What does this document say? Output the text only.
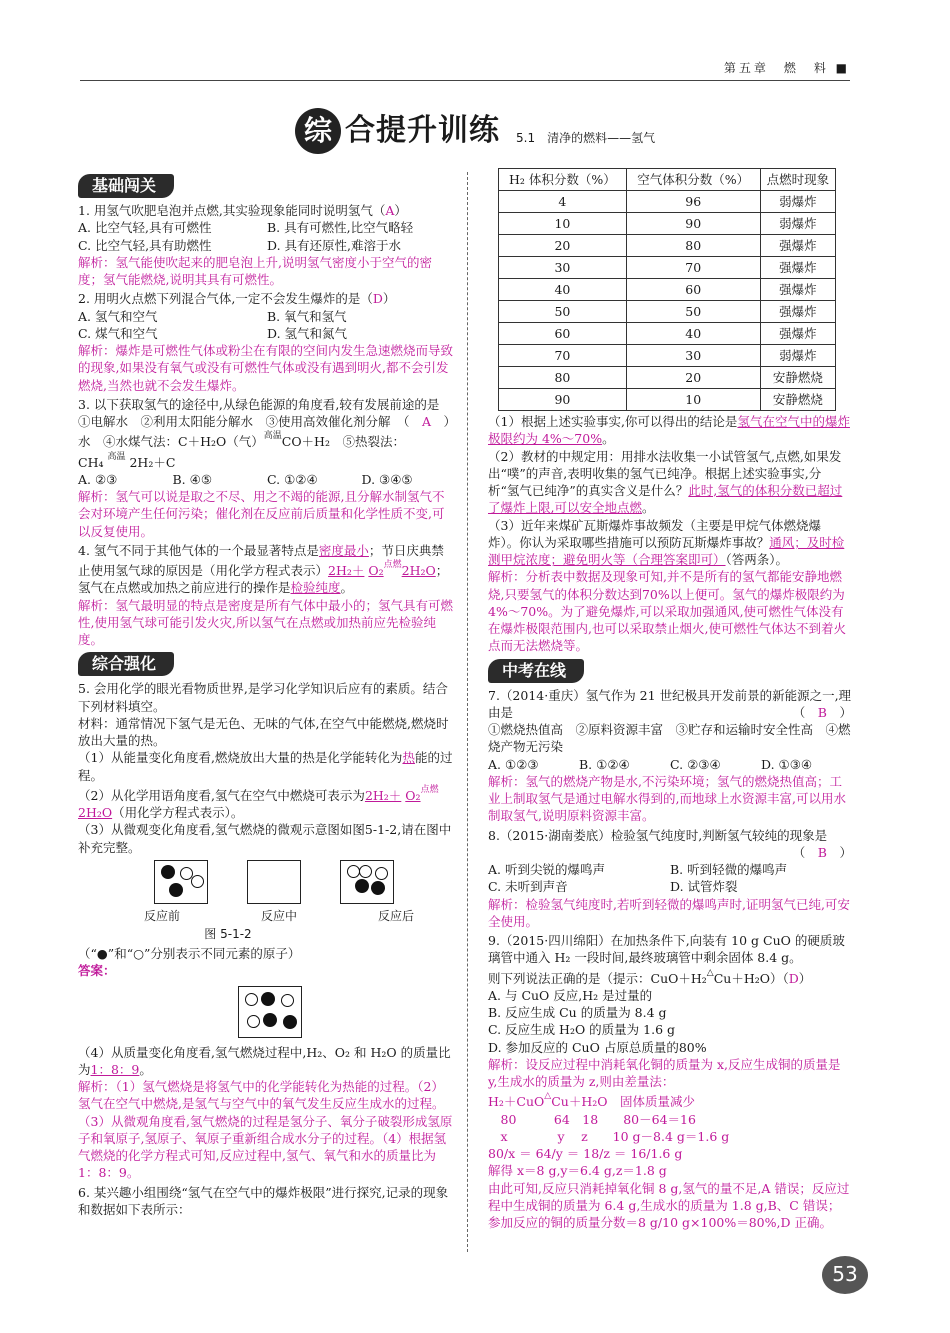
第五章　燃　料 ■
综 合提升训练 5.1　清净的燃料——氢气
基础闯关
1. 用氢气吹肥皂泡并点燃,其实验现象能同时说明氢气（A）
A. 比空气轻,具有可燃性	B. 具有可燃性,比空气略轻
C. 比空气轻,具有助燃性	D. 具有还原性,难溶于水
解析：氢气能使吹起来的肥皂泡上升,说明氢气密度小于空气的密度；氢气能燃烧,说明其具有可燃性。
2. 用明火点燃下列混合气体,一定不会发生爆炸的是（D）
A. 氢气和空气	B. 氧气和氢气
C. 煤气和空气	D. 氢气和氮气
解析：爆炸是可燃性气体或粉尘在有限的空间内发生急速燃烧而导致的现象,如果没有氧气或没有可燃性气体或没有遇到明火,都不会引发燃烧,当然也就不会发生爆炸。
3. 以下获取氢气的途径中,从绿色能源的角度看,较有发展前途的是
（　A　）
①电解水　②利用太阳能分解水　③使用高效催化剂分解
水　④水煤气法：C＋H₂O（气）$^{高温}$CO＋H₂　⑤热裂法：
CH₄ $^{高温}$ 2H₂＋C
A. ②③	B. ④⑤	C. ①②④	D. ③④⑤
解析：氢气可以说是取之不尽、用之不竭的能源,且分解水制氢气不会对环境产生任何污染；催化剂在反应前后质量和化学性质不变,可以反复使用。
4. 氢气不同于其他气体的一个最显著特点是密度最小；节日庆典禁止使用氢气球的原因是（用化学方程式表示）2H₂＋ O₂$^{点燃}$2H₂O；氢气在点燃或加热之前应进行的操作是检验纯度。
解析：氢气最明显的特点是密度是所有气体中最小的；氢气具有可燃性,使用氢气球可能引发火灾,所以氢气在点燃或加热前应先检验纯度。
综合强化
5. 会用化学的眼光看物质世界,是学习化学知识后应有的素质。结合下列材料填空。
材料：通常情况下氢气是无色、无味的气体,在空气中能燃烧,燃烧时放出大量的热。
（1）从能量变化角度看,燃烧放出大量的热是化学能转化为热能的过程。
（2）从化学用语角度看,氢气在空气中燃烧可表示为2H₂＋ O₂$^{点燃}$2H₂O（用化学方程式表示）。
（3）从微观变化角度看,氢气燃烧的微观示意图如图5-1-2,请在图中补充完整。
反应前	反应中	反应后
图 5-1-2
（“●”和“○”分别表示不同元素的原子）
答案：
（4）从质量变化角度看,氢气燃烧过程中,H₂、O₂ 和 H₂O 的质量比为1：8：9。
解析：（1）氢气燃烧是将氢气中的化学能转化为热能的过程。（2）氢气在空气中燃烧,是氢气与空气中的氧气发生反应生成水的过程。（3）从微观角度看,氢气燃烧的过程是氢分子、氧分子破裂形成氢原子和氧原子,氢原子、氧原子重新组合成水分子的过程。（4）根据氢气燃烧的化学方程式可知,反应过程中,氢气、氧气和水的质量比为1：8：9。
6. 某兴趣小组围绕“氢气在空气中的爆炸极限”进行探究,记录的现象和数据如下表所示：
H₂ 体积分数（%）	空气体积分数（%）	点燃时现象
4	96	弱爆炸
10	90	弱爆炸
20	80	强爆炸
30	70	强爆炸
40	60	强爆炸
50	50	强爆炸
60	40	强爆炸
70	30	弱爆炸
80	20	安静燃烧
90	10	安静燃烧
（1）根据上述实验事实,你可以得出的结论是氢气在空气中的爆炸极限约为 4%～70%。
（2）教材的中规定用：用排水法收集一小试管氢气,点燃,如果发出“噗”的声音,表明收集的氢气已纯净。根据上述实验事实,分析“氢气已纯净”的真实含义是什么？此时,氢气的体积分数已超过了爆炸上限,可以安全地点燃。
（3）近年来煤矿瓦斯爆炸事故频发（主要是甲烷气体燃烧爆炸）。你认为采取哪些措施可以预防瓦斯爆炸事故？通风；及时检测甲烷浓度；避免明火等（合理答案即可）（答两条）。
解析：分析表中数据及现象可知,并不是所有的氢气都能安静地燃烧,只要氢气的体积分数达到70%以上便可。氢气的爆炸极限约为4%～70%。为了避免爆炸,可以采取加强通风,使可燃性气体没有在爆炸极限范围内,也可以采取禁止烟火,使可燃性气体达不到着火点而无法燃烧等。
中考在线
7.（2014·重庆）氢气作为 21 世纪极具开发前景的新能源之一,理由是	（　B　）
①燃烧热值高　②原料资源丰富　③贮存和运输时安全性高　④燃烧产物无污染
A. ①②③	B. ①②④	C. ②③④	D. ①③④
解析：氢气的燃烧产物是水,不污染环境；氢气的燃烧热值高；工业上制取氢气是通过电解水得到的,而地球上水资源丰富,可以用水制取氢气,说明原料资源丰富。
8.（2015·湖南娄底）检验氢气纯度时,判断氢气较纯的现象是
（　B　）
A. 听到尖锐的爆鸣声	B. 听到轻微的爆鸣声
C. 未听到声音	D. 试管炸裂
解析：检验氢气纯度时,若听到轻微的爆鸣声时,证明氢气已纯,可安全使用。
9.（2015·四川绵阳）在加热条件下,向装有 10 g CuO 的硬质玻璃管中通入 H₂ 一段时间,最终玻璃管中剩余固体 8.4 g。
则下列说法正确的是（提示：CuO＋H₂△Cu＋H₂O）（D）
A. 与 CuO 反应,H₂ 是过量的
B. 反应生成 Cu 的质量为 8.4 g
C. 反应生成 H₂O 的质量为 1.6 g
D. 参加反应的 CuO 占原总质量的80%
解析：设反应过程中消耗氧化铜的质量为 x,反应生成铜的质量是 y,生成水的质量为 z,则由差量法：
H₂＋CuO△Cu＋H₂O　固体质量减少
　80　　　64　18　　80－64＝16
　x　　　　y　 z　　10 g－8.4 g＝1.6 g
80/x ＝ 64/y ＝ 18/z ＝ 16/1.6 g
解得 x＝8 g,y＝6.4 g,z＝1.8 g
由此可知,反应只消耗掉氧化铜 8 g,氢气的量不足,A 错误；反应过程中生成铜的质量为 6.4 g,生成水的质量为 1.8 g,B、C 错误；参加反应的铜的质量分数＝8 g/10 g×100%＝80%,D 正确。
53
